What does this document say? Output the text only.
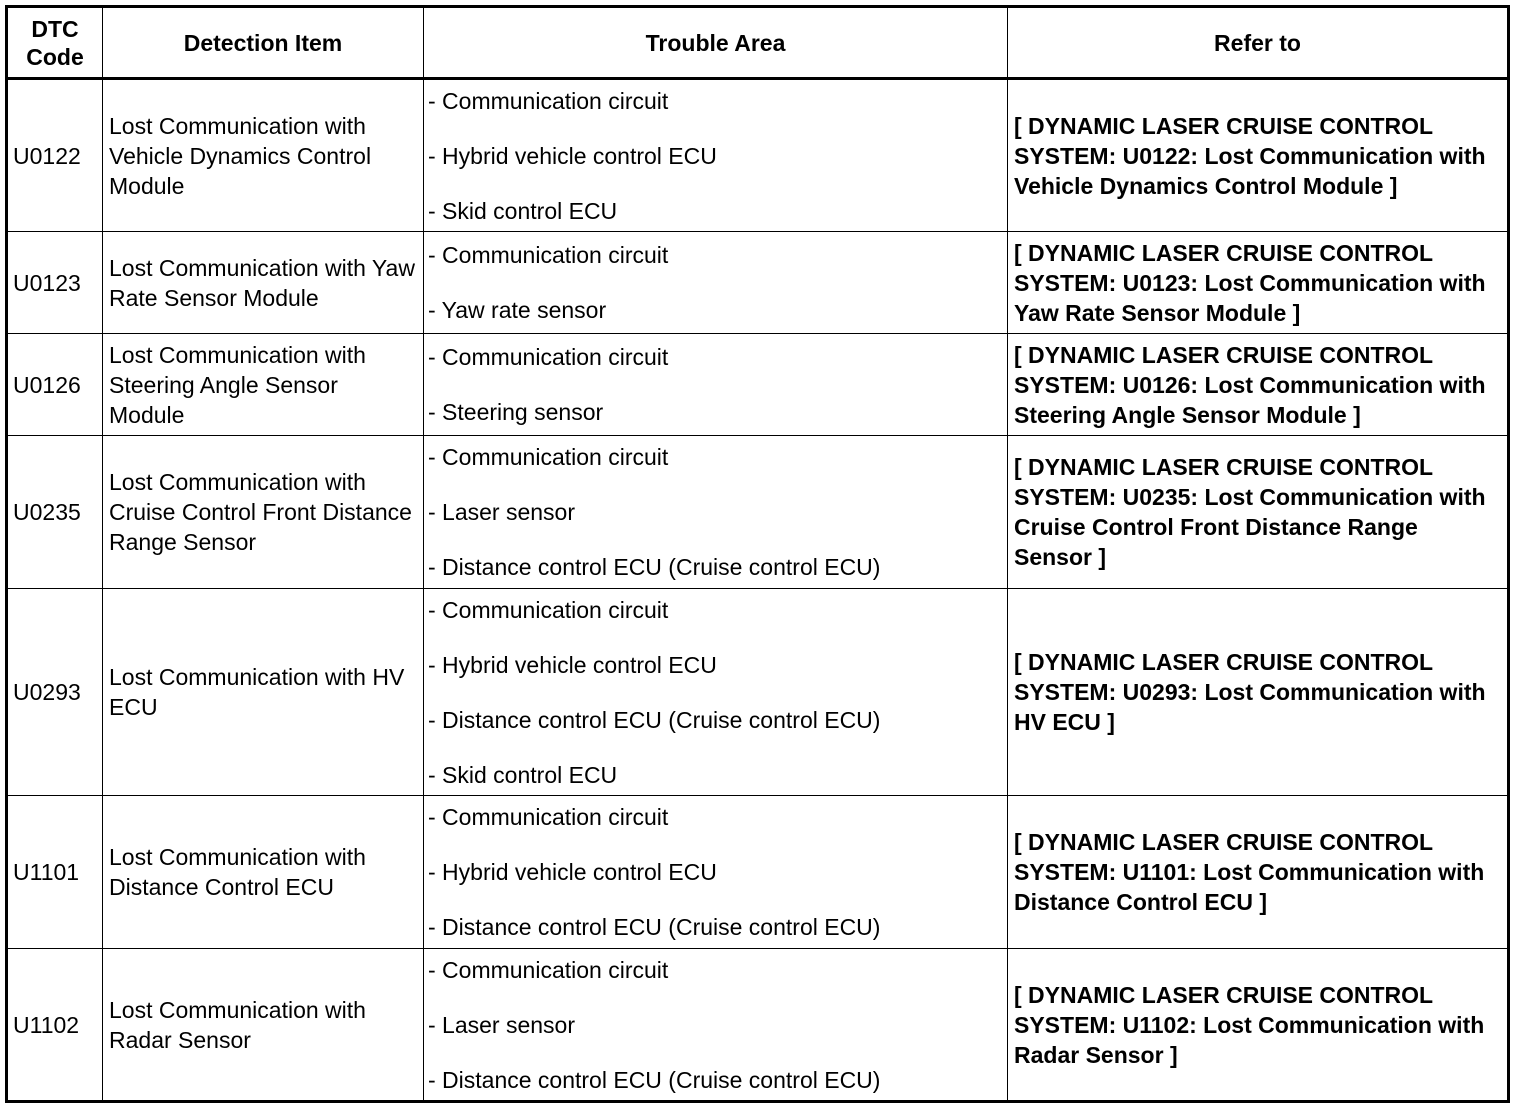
DTC Code	Detection Item	Trouble Area	Refer to
U0122	Lost Communication with Vehicle Dynamics Control Module	- Communication circuit
- Hybrid vehicle control ECU
- Skid control ECU	[ DYNAMIC LASER CRUISE CONTROL SYSTEM: U0122: Lost Communication with Vehicle Dynamics Control Module ]
U0123	Lost Communication with Yaw Rate Sensor Module	- Communication circuit
- Yaw rate sensor	[ DYNAMIC LASER CRUISE CONTROL SYSTEM: U0123: Lost Communication with Yaw Rate Sensor Module ]
U0126	Lost Communication with Steering Angle Sensor Module	- Communication circuit
- Steering sensor	[ DYNAMIC LASER CRUISE CONTROL SYSTEM: U0126: Lost Communication with Steering Angle Sensor Module ]
U0235	Lost Communication with Cruise Control Front Distance Range Sensor	- Communication circuit
- Laser sensor
- Distance control ECU (Cruise control ECU)	[ DYNAMIC LASER CRUISE CONTROL SYSTEM: U0235: Lost Communication with Cruise Control Front Distance Range Sensor ]
U0293	Lost Communication with HV ECU	- Communication circuit
- Hybrid vehicle control ECU
- Distance control ECU (Cruise control ECU)
- Skid control ECU	[ DYNAMIC LASER CRUISE CONTROL SYSTEM: U0293: Lost Communication with HV ECU ]
U1101	Lost Communication with Distance Control ECU	- Communication circuit
- Hybrid vehicle control ECU
- Distance control ECU (Cruise control ECU)	[ DYNAMIC LASER CRUISE CONTROL SYSTEM: U1101: Lost Communication with Distance Control ECU ]
U1102	Lost Communication with Radar Sensor	- Communication circuit
- Laser sensor
- Distance control ECU (Cruise control ECU)	[ DYNAMIC LASER CRUISE CONTROL SYSTEM: U1102: Lost Communication with Radar Sensor ]
